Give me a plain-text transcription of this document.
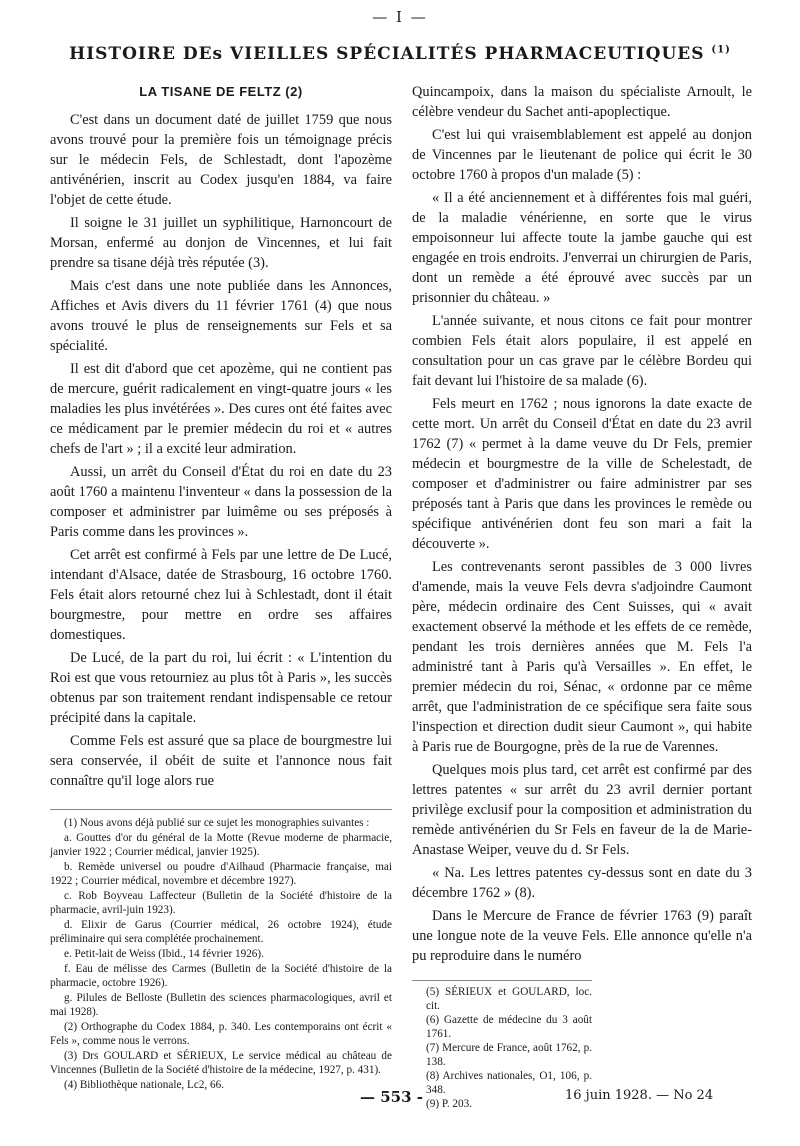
— I —
HISTOIRE DEs VIEILLES SPÉCIALITÉS PHARMACEUTIQUES $^{(1)}$

LA TISANE DE FELTZ (2)

C'est dans un document daté de juillet 1759 que nous avons trouvé pour la première fois un témoignage précis sur le médecin Fels, de Schlestadt, dont l'apozème antivénérien, inscrit au Codex jusqu'en 1884, va faire l'objet de cette étude.

Il soigne le 31 juillet un syphilitique, Harnoncourt de Morsan, enfermé au donjon de Vincennes, et lui fait prendre sa tisane déjà très réputée (3).

Mais c'est dans une note publiée dans les Annonces, Affiches et Avis divers du 11 février 1761 (4) que nous avons trouvé le plus de renseignements sur Fels et sa spécialité.

Il est dit d'abord que cet apozème, qui ne contient pas de mercure, guérit radicalement en vingt-quatre jours « les maladies les plus invétérées ». Des cures ont été faites avec ce médicament par le premier médecin du roi et « autres chefs de l'art » ; il a excité leur admiration.

Aussi, un arrêt du Conseil d'État du roi en date du 23 août 1760 a maintenu l'inventeur « dans la possession de la composer et administrer par luimême ou ses préposés à Paris comme dans les provinces ».

Cet arrêt est confirmé à Fels par une lettre de De Lucé, intendant d'Alsace, datée de Strasbourg, 16 octobre 1760. Fels était alors retourné chez lui à Schlestadt, dont il était bourgmestre, pour mettre en ordre ses affaires domestiques.

De Lucé, de la part du roi, lui écrit : « L'intention du Roi est que vous retourniez au plus tôt à Paris », les succès obtenus par son traitement rendant indispensable ce retour précipité dans la capitale.

Comme Fels est assuré que sa place de bourgmestre lui sera conservée, il obéit de suite et l'annonce nous fait connaître qu'il loge alors rue

(1) Nous avons déjà publié sur ce sujet les monographies suivantes :

a. Gouttes d'or du général de la Motte (Revue moderne de pharmacie, janvier 1922 ; Courrier médical, janvier 1925).

b. Remède universel ou poudre d'Ailhaud (Pharmacie française, mai 1922 ; Courrier médical, novembre et décembre 1927).

c. Rob Boyveau Laffecteur (Bulletin de la Société d'histoire de la pharmacie, avril-juin 1923).

d. Elixir de Garus (Courrier médical, 26 octobre 1924), étude préliminaire qui sera complétée prochainement.

e. Petit-lait de Weiss (Ibid., 14 février 1926).

f. Eau de mélisse des Carmes (Bulletin de la Société d'histoire de la pharmacie, octobre 1926).

g. Pilules de Belloste (Bulletin des sciences pharmacologiques, avril et mai 1928).

(2) Orthographe du Codex 1884, p. 340. Les contemporains ont écrit « Fels », comme nous le verrons.

(3) Drs GOULARD et SÉRIEUX, Le service médical au château de Vincennes (Bulletin de la Société d'histoire de la médecine, 1927, p. 431).

(4) Bibliothèque nationale, Lc2, 66.

Quincampoix, dans la maison du spécialiste Arnoult, le célèbre vendeur du Sachet anti-apoplectique.

C'est lui qui vraisemblablement est appelé au donjon de Vincennes par le lieutenant de police qui écrit le 30 octobre 1760 à propos d'un malade (5) :

« Il a été anciennement et à différentes fois mal guéri, de la maladie vénérienne, en sorte que le virus empoisonneur lui affecte toute la jambe gauche qui est engagée en trois endroits. J'enverrai un chirurgien de Paris, dont un remède a été éprouvé avec succès par un prisonnier du château. »

L'année suivante, et nous citons ce fait pour montrer combien Fels était alors populaire, il est appelé en consultation pour un cas grave par le célèbre Bordeu qui fait devant lui l'histoire de sa malade (6).

Fels meurt en 1762 ; nous ignorons la date exacte de cette mort. Un arrêt du Conseil d'État en date du 23 avril 1762 (7) « permet à la dame veuve du Dr Fels, premier médecin et bourgmestre de la ville de Schelestadt, de composer et d'administrer ou faire administrer par ses préposés tant à Paris que dans les provinces le remède ou spécifique antivénérien dont feu son mari a fait la découverte ».

Les contrevenants seront passibles de 3 000 livres d'amende, mais la veuve Fels devra s'adjoindre Caumont père, médecin ordinaire des Cent Suisses, qui « avait exactement observé la méthode et les effets de ce remède, pendant les trois dernières années que M. Fels l'a administré tant à Paris qu'à Versailles ». En effet, le premier médecin du roi, Sénac, « ordonne par ce même arrêt, que l'administration de ce spécifique sera faite sous l'inspection et direction dudit sieur Caumont », qui habite à Paris rue de Bourgogne, près de la rue de Varennes.

Quelques mois plus tard, cet arrêt est confirmé par des lettres patentes « sur arrêt du 23 avril dernier portant privilège exclusif pour la composition et administration du remède antivénérien du Sr Fels en faveur de la de Marie-Anastase Weiper, veuve du d. Sr Fels.

« Na. Les lettres patentes cy-dessus sont en date du 3 décembre 1762 » (8).

Dans le Mercure de France de février 1763 (9) paraît une longue note de la veuve Fels. Elle annonce qu'elle n'a pu reproduire dans le numéro

(5) SÉRIEUX et GOULARD, loc. cit.

(6) Gazette de médecine du 3 août 1761.

(7) Mercure de France, août 1762, p. 138.

(8) Archives nationales, O1, 106, p. 348.

(9) P. 203.

— 553 -	16 juin 1928. — No 24
